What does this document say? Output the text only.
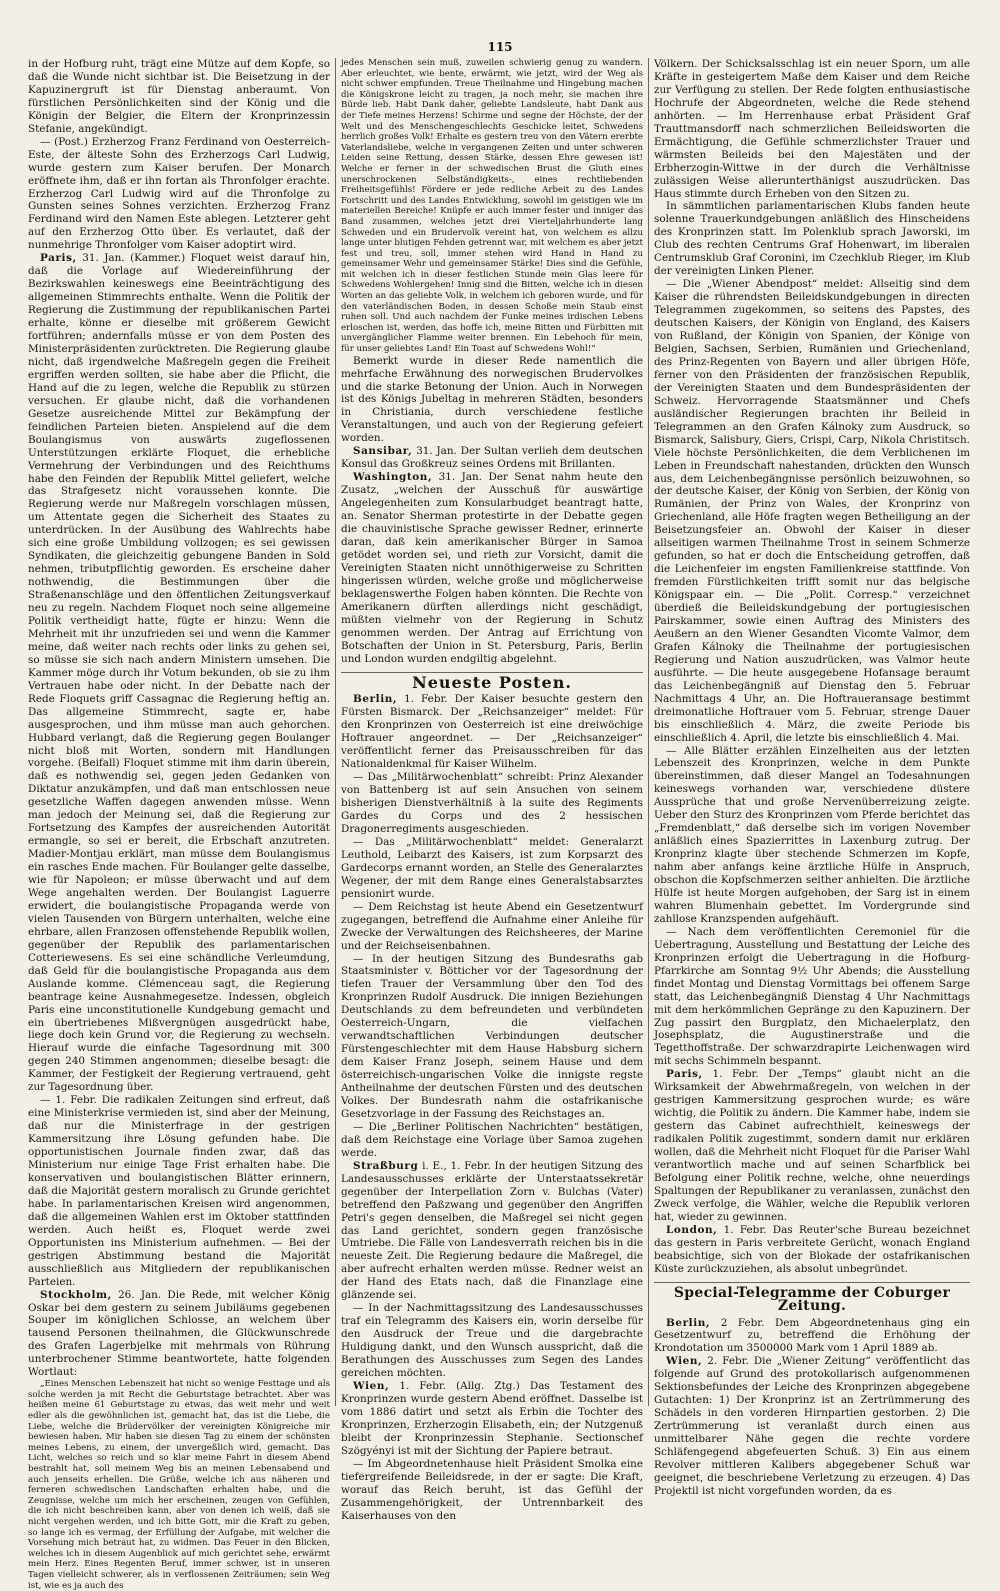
115

in der Hofburg ruht, trägt eine Mütze auf dem Kopfe, so daß die Wunde nicht sichtbar ist. Die Beisetzung in der Kapuzinergruft ist für Dienstag anberaumt. Von fürstlichen Persönlichkeiten sind der König und die Königin der Belgier, die Eltern der Kronprinzessin Stefanie, angekündigt.

— (Post.) Erzherzog Franz Ferdinand von Oesterreich-Este, der älteste Sohn des Erzherzogs Carl Ludwig, wurde gestern zum Kaiser berufen. Der Monarch eröffnete ihm, daß er ihn fortan als Thronfolger erachte. Erzherzog Carl Ludwig wird auf die Thronfolge zu Gunsten seines Sohnes verzichten. Erzherzog Franz Ferdinand wird den Namen Este ablegen. Letzterer geht auf den Erzherzog Otto über. Es verlautet, daß der nunmehrige Thronfolger vom Kaiser adoptirt wird.

Paris, 31. Jan. (Kammer.) Floquet weist darauf hin, daß die Vorlage auf Wiedereinführung der Bezirkswahlen keineswegs eine Beeinträchtigung des allgemeinen Stimmrechts enthalte. Wenn die Politik der Regierung die Zustimmung der republikanischen Partei erhalte, könne er dieselbe mit größerem Gewicht fortführen; andernfalls müsse er von dem Posten des Ministerpräsidenten zurücktreten. Die Regierung glaube nicht, daß irgendwelche Maßregeln gegen die Freiheit ergriffen werden sollten, sie habe aber die Pflicht, die Hand auf die zu legen, welche die Republik zu stürzen versuchen. Er glaube nicht, daß die vorhandenen Gesetze ausreichende Mittel zur Bekämpfung der feindlichen Parteien bieten. Anspielend auf die dem Boulangismus von auswärts zugeflossenen Unterstützungen erklärte Floquet, die erhebliche Vermehrung der Verbindungen und des Reichthums habe den Feinden der Republik Mittel geliefert, welche das Strafgesetz nicht voraussehen konnte. Die Regierung werde nur Maßregeln vorschlagen müssen, um Attentate gegen die Sicherheit des Staates zu unterdrücken. In der Ausübung des Wahlrechts habe sich eine große Umbildung vollzogen; es sei gewissen Syndikaten, die gleichzeitig gebungene Banden in Sold nehmen, tributpflichtig geworden. Es erscheine daher nothwendig, die Bestimmungen über die Straßenanschläge und den öffentlichen Zeitungsverkauf neu zu regeln. Nachdem Floquet noch seine allgemeine Politik vertheidigt hatte, fügte er hinzu: Wenn die Mehrheit mit ihr unzufrieden sei und wenn die Kammer meine, daß weiter nach rechts oder links zu gehen sei, so müsse sie sich nach andern Ministern umsehen. Die Kammer möge durch ihr Votum bekunden, ob sie zu ihm Vertrauen habe oder nicht. In der Debatte nach der Rede Floquets griff Cassagnac die Regierung heftig an. Das allgemeine Stimmrecht, sagte er, habe ausgesprochen, und ihm müsse man auch gehorchen. Hubbard verlangt, daß die Regierung gegen Boulanger nicht bloß mit Worten, sondern mit Handlungen vorgehe. (Beifall) Floquet stimme mit ihm darin überein, daß es nothwendig sei, gegen jeden Gedanken von Diktatur anzukämpfen, und daß man entschlossen neue gesetzliche Waffen dagegen anwenden müsse. Wenn man jedoch der Meinung sei, daß die Regierung zur Fortsetzung des Kampfes der ausreichenden Autorität ermangle, so sei er bereit, die Erbschaft anzutreten. Madier-Montjau erklärt, man müsse dem Boulangismus ein rasches Ende machen. Für Boulanger gelte dasselbe, wie für Napoleon; er müsse überwacht und auf dem Wege angehalten werden. Der Boulangist Laguerre erwidert, die boulangistische Propaganda werde von vielen Tausenden von Bürgern unterhalten, welche eine ehrbare, allen Franzosen offenstehende Republik wollen, gegenüber der Republik des parlamentarischen Cotteriewesens. Es sei eine schändliche Verleumdung, daß Geld für die boulangistische Propaganda aus dem Auslande komme. Clémenceau sagt, die Regierung beantrage keine Ausnahmegesetze. Indessen, obgleich Paris eine unconstitutionelle Kundgebung gemacht und ein übertriebenes Mißvergnügen ausgedrückt habe, liege doch kein Grund vor, die Regierung zu wechseln. Hierauf wurde die einfache Tagesordnung mit 300 gegen 240 Stimmen angenommen; dieselbe besagt: die Kammer, der Festigkeit der Regierung vertrauend, geht zur Tagesordnung über.

— 1. Febr. Die radikalen Zeitungen sind erfreut, daß eine Ministerkrise vermieden ist, sind aber der Meinung, daß nur die Ministerfrage in der gestrigen Kammersitzung ihre Lösung gefunden habe. Die opportunistischen Journale finden zwar, daß das Ministerium nur einige Tage Frist erhalten habe. Die konservativen und boulangistischen Blätter erinnern, daß die Majorität gestern moralisch zu Grunde gerichtet habe. In parlamentarischen Kreisen wird angenommen, daß die allgemeinen Wahlen erst im Oktober stattfinden werden. Auch heißt es, Floquet werde zwei Opportunisten ins Ministerium aufnehmen. — Bei der gestrigen Abstimmung bestand die Majorität ausschließlich aus Mitgliedern der republikanischen Parteien.

Stockholm, 26. Jan. Die Rede, mit welcher König Oskar bei dem gestern zu seinem Jubiläums gegebenen Souper im königlichen Schlosse, an welchem über tausend Personen theilnahmen, die Glückwunschrede des Grafen Lagerbjelke mit mehrmals von Rührung unterbrochener Stimme beantwortete, hatte folgenden Wortlaut:

„Eines Menschen Lebenszeit hat nicht so wenige Festtage und als solche werden ja mit Recht die Geburtstage betrachtet. Aber was heißen meine 61 Geburtstage zu etwas, das weit mehr und weit edler als die gewöhnlichen ist, gemacht hat, das ist die Liebe, die Liebe, welche die Brüdervölker der vereinigten Königreiche mir bewiesen haben. Mir haben sie diesen Tag zu einem der schönsten meines Lebens, zu einem, der unvergeßlich wird, gemacht. Das Licht, welches so reich und so klar meine Fahrt in diesem Abend bestrahlt hat, soll meinem Weg bis an meinen Lebensabend und auch jenseits erhellen. Die Grüße, welche ich aus näheren und ferneren schwedischen Landschaften erhalten habe, und die Zeugnisse, welche um mich her erscheinen, zeugen von Gefühlen, die ich nicht beschreiben kann, aber von denen ich weiß, daß sie nicht vergehen werden, und ich bitte Gott, mir die Kraft zu geben, so lange ich es vermag, der Erfüllung der Aufgabe, mit welcher die Vorsehung mich betraut hat, zu widmen. Das Feuer in den Blicken, welches ich in diesem Augenblick auf mich gerichtet sehe, erwärmt mein Herz. Eines Regenten Beruf, immer schwer, ist in unseren Tagen vielleicht schwerer, als in verflossenen Zeiträumen; sein Weg ist, wie es ja auch des

jedes Menschen sein muß, zuweilen schwierig genug zu wandern. Aber erleuchtet, wie bente, erwärmt, wie jetzt, wird der Weg als nicht schwer empfunden. Treue Theilnahme und Hingebung machen die Königskrone leicht zu tragen, ja noch mehr, sie machen ihre Bürde lieb. Habt Dank daher, geliebte Landsleute, habt Dank aus der Tiefe meines Herzens! Schirme und segne der Höchste, der der Welt und des Menschengeschlechts Geschicke leitet, Schwedens herrlich großes Volk! Erhalte es gestern treu von den Vätern ererbte Vaterlandsliebe, welche in vergangenen Zeiten und unter schweren Leiden seine Rettung, dessen Stärke, dessen Ehre gewesen ist! Welche er ferner in der schwedischen Brust die Gluth eines unerschrockenen Selbständigkeits-, eines rechtliebenden Freiheitsgefühls! Fördere er jede redliche Arbeit zu des Landes Fortschritt und des Landes Entwicklung, sowohl im geistigen wie im materiellen Bereiche! Knüpfe er auch immer fester und inniger das Band zusammen, welches jetzt drei Vierteljahrhunderte lang Schweden und ein Brudervolk vereint hat, von welchem es allzu lange unter blutigen Fehden getrennt war, mit welchem es aber jetzt fest und treu, soll, immer stehen wird Hand in Hand zu gemeinsamer Wehr und gemeinsamer Stärke! Dies sind die Gefühle, mit welchen ich in dieser festlichen Stunde mein Glas leere für Schwedens Wohlergehen! Innig sind die Bitten, welche ich in diesen Worten an das geliebte Volk, in welchem ich geboren wurde, und für den vaterländischen Boden, in dessen Schoße mein Staub einst ruhen soll. Und auch nachdem der Funke meines irdischen Lebens erloschen ist, werden, das hoffe ich, meine Bitten und Fürbitten mit unvergänglicher Flamme weiter brennen. Ein Lebehoch für mein, für unser geliebtes Land! Ein Toast auf Schwedens Wohl!“

Bemerkt wurde in dieser Rede namentlich die mehrfache Erwähnung des norwegischen Brudervolkes und die starke Betonung der Union. Auch in Norwegen ist des Königs Jubeltag in mehreren Städten, besonders in Christiania, durch verschiedene festliche Veranstaltungen, und auch von der Regierung gefeiert worden.

Sansibar, 31. Jan. Der Sultan verlieh dem deutschen Konsul das Großkreuz seines Ordens mit Brillanten.

Washington, 31. Jan. Der Senat nahm heute den Zusatz, „welchen der Ausschuß für auswärtige Angelegenheiten zum Konsularbudget beantragt hatte, an. Senator Sherman protestirte in der Debatte gegen die chauvinistische Sprache gewisser Redner, erinnerte daran, daß kein amerikanischer Bürger in Samoa getödet worden sei, und rieth zur Vorsicht, damit die Vereinigten Staaten nicht unnöthigerweise zu Schritten hingerissen würden, welche große und möglicherweise beklagenswerthe Folgen haben könnten. Die Rechte von Amerikanern dürften allerdings nicht geschädigt, müßten vielmehr von der Regierung in Schutz genommen werden. Der Antrag auf Errichtung von Botschaften der Union in St. Petersburg, Paris, Berlin und London wurden endgiltig abgelehnt.

Neueste Posten.

Berlin, 1. Febr. Der Kaiser besuchte gestern den Fürsten Bismarck. Der „Reichsanzeiger“ meldet: Für den Kronprinzen von Oesterreich ist eine dreiwöchige Hoftrauer angeordnet. — Der „Reichsanzeiger“ veröffentlicht ferner das Preisausschreiben für das Nationaldenkmal für Kaiser Wilhelm.

— Das „Militärwochenblatt“ schreibt: Prinz Alexander von Battenberg ist auf sein Ansuchen von seinem bisherigen Dienstverhältniß à la suite des Regiments Gardes du Corps und des 2 hessischen Dragonerregiments ausgeschieden.

— Das „Militärwochenblatt“ meldet: Generalarzt Leuthold, Leibarzt des Kaisers, ist zum Korpsarzt des Gardecorps ernannt worden, an Stelle des Generalarztes Wegener, der mit dem Range eines Generalstabsarztes pensionirt wurde.

— Dem Reichstag ist heute Abend ein Gesetzentwurf zugegangen, betreffend die Aufnahme einer Anleihe für Zwecke der Verwaltungen des Reichsheeres, der Marine und der Reichseisenbahnen.

— In der heutigen Sitzung des Bundesraths gab Staatsminister v. Bötticher vor der Tagesordnung der tiefen Trauer der Versammlung über den Tod des Kronprinzen Rudolf Ausdruck. Die innigen Beziehungen Deutschlands zu dem befreundeten und verbündeten Oesterreich-Ungarn, die vielfachen verwandtschaftlichen Verbindungen deutscher Fürstengeschlechter mit dem Hause Habsburg sichern dem Kaiser Franz Joseph, seinem Hause und dem österreichisch-ungarischen Volke die innigste regste Antheilnahme der deutschen Fürsten und des deutschen Volkes. Der Bundesrath nahm die ostafrikanische Gesetzvorlage in der Fassung des Reichstages an.

— Die „Berliner Politischen Nachrichten“ bestätigen, daß dem Reichstage eine Vorlage über Samoa zugehen werde.

Straßburg i. E., 1. Febr. In der heutigen Sitzung des Landesausschusses erklärte der Unterstaatssekretär gegenüber der Interpellation Zorn v. Bulchas (Vater) betreffend den Paßzwang und gegenüber den Angriffen Petri's gegen denselben, die Maßregel sei nicht gegen das Land gerichtet, sondern gegen französische Umtriebe. Die Fälle von Landesverrath reichen bis in die neueste Zeit. Die Regierung bedaure die Maßregel, die aber aufrecht erhalten werden müsse. Redner weist an der Hand des Etats nach, daß die Finanzlage eine glänzende sei.

— In der Nachmittagssitzung des Landesausschusses traf ein Telegramm des Kaisers ein, worin derselbe für den Ausdruck der Treue und die dargebrachte Huldigung dankt, und den Wunsch ausspricht, daß die Berathungen des Ausschusses zum Segen des Landes gereichen möchten.

Wien, 1. Febr. (Allg. Ztg.) Das Testament des Kronprinzen wurde gestern Abend eröffnet. Dasselbe ist vom 1886 datirt und setzt als Erbin die Tochter des Kronprinzen, Erzherzogin Elisabeth, ein; der Nutzgenuß bleibt der Kronprinzessin Stephanie. Sectionschef Szögyényi ist mit der Sichtung der Papiere betraut.

— Im Abgeordnetenhause hielt Präsident Smolka eine tiefergreifende Beileidsrede, in der er sagte: Die Kraft, worauf das Reich beruht, ist das Gefühl der Zusammengehörigkeit, der Untrennbarkeit des Kaiserhauses von den

Völkern. Der Schicksalsschlag ist ein neuer Sporn, um alle Kräfte in gesteigertem Maße dem Kaiser und dem Reiche zur Verfügung zu stellen. Der Rede folgten enthusiastische Hochrufe der Abgeordneten, welche die Rede stehend anhörten. — Im Herrenhause erbat Präsident Graf Trauttmansdorff nach schmerzlichen Beileidsworten die Ermächtigung, die Gefühle schmerzlichster Trauer und wärmsten Beileids bei den Majestäten und der Erbherzogin-Wittwe in der durch die Verhältnisse zulässigen Weise allerunterthänigst auszudrücken. Das Haus stimmte durch Erheben von den Sitzen zu.

In sämmtlichen parlamentarischen Klubs fanden heute solenne Trauerkundgebungen anläßlich des Hinscheidens des Kronprinzen statt. Im Polenklub sprach Jaworski, im Club des rechten Centrums Graf Hohenwart, im liberalen Centrumsklub Graf Coronini, im Czechklub Rieger, im Klub der vereinigten Linken Plener.

— Die „Wiener Abendpost“ meldet: Allseitig sind dem Kaiser die rührendsten Beileidskundgebungen in directen Telegrammen zugekommen, so seitens des Papstes, des deutschen Kaisers, der Königin von England, des Kaisers von Rußland, der Königin von Spanien, der Könige von Belgien, Sachsen, Serbien, Rumänien und Griechenland, des Prinz-Regenten von Bayern und aller übrigen Höfe, ferner von den Präsidenten der französischen Republik, der Vereinigten Staaten und dem Bundespräsidenten der Schweiz. Hervorragende Staatsmänner und Chefs ausländischer Regierungen brachten ihr Beileid in Telegrammen an den Grafen Kálnoky zum Ausdruck, so Bismarck, Salisbury, Giers, Crispi, Carp, Nikola Christitsch. Viele höchste Persönlichkeiten, die dem Verblichenen im Leben in Freundschaft nahestanden, drückten den Wunsch aus, dem Leichenbegängnisse persönlich beizuwohnen, so der deutsche Kaiser, der König von Serbien, der König von Rumänien, der Prinz von Wales, der Kronprinz von Griechenland, alle Höfe fragten wegen Betheiligung an der Beisetzungsfeier an. Obwohl der Kaiser in dieser allseitigen warmen Theilnahme Trost in seinem Schmerze gefunden, so hat er doch die Entscheidung getroffen, daß die Leichenfeier im engsten Familienkreise stattfinde. Von fremden Fürstlichkeiten trifft somit nur das belgische Königspaar ein. — Die „Polit. Corresp.“ verzeichnet überdieß die Beileidskundgebung der portugiesischen Pairskammer, sowie einen Auftrag des Ministers des Aeußern an den Wiener Gesandten Vicomte Valmor, dem Grafen Kálnoky die Theilnahme der portugiesischen Regierung und Nation auszudrücken, was Valmor heute ausführte. — Die heute ausgegebene Hofansage beraumt das Leichenbegängniß auf Dienstag den 5. Februar Nachmittags 4 Uhr, an. Die Hoftraueransage bestimmt dreimonatliche Hoftrauer vom 5. Februar, strenge Dauer bis einschließlich 4. März, die zweite Periode bis einschließlich 4. April, die letzte bis einschließlich 4. Mai.

— Alle Blätter erzählen Einzelheiten aus der letzten Lebenszeit des Kronprinzen, welche in dem Punkte übereinstimmen, daß dieser Mangel an Todesahnungen keineswegs vorhanden war, verschiedene düstere Aussprüche that und große Nervenüberreizung zeigte. Ueber den Sturz des Kronprinzen vom Pferde berichtet das „Fremdenblatt,“ daß derselbe sich im vorigen November anläßlich eines Spazierrittes in Laxenburg zutrug. Der Kronprinz klagte über stechende Schmerzen im Kopfe, nahm aber anfangs keine ärztliche Hülfe in Anspruch, obschon die Kopfschmerzen seither anhielten. Die ärztliche Hülfe ist heute Morgen aufgehoben, der Sarg ist in einem wahren Blumenhain gebettet. Im Vordergrunde sind zahllose Kranzspenden aufgehäuft.

— Nach dem veröffentlichten Ceremoniel für die Uebertragung, Ausstellung und Bestattung der Leiche des Kronprinzen erfolgt die Uebertragung in die Hofburg-Pfarrkirche am Sonntag 9½ Uhr Abends; die Ausstellung findet Montag und Dienstag Vormittags bei offenem Sarge statt, das Leichenbegängniß Dienstag 4 Uhr Nachmittags mit dem herkömmlichen Gepränge zu den Kapuzinern. Der Zug passirt den Burgplatz, den Michaelerplatz, den Josephsplatz, die Augustinerstraße und die Tegetthoffstraße. Der schwarzdrapirte Leichenwagen wird mit sechs Schimmeln bespannt.

Paris, 1. Febr. Der „Temps“ glaubt nicht an die Wirksamkeit der Abwehrmaßregeln, von welchen in der gestrigen Kammersitzung gesprochen wurde; es wäre wichtig, die Politik zu ändern. Die Kammer habe, indem sie gestern das Cabinet aufrechthielt, keineswegs der radikalen Politik zugestimmt, sondern damit nur erklären wollen, daß die Mehrheit nicht Floquet für die Pariser Wahl verantwortlich mache und auf seinen Scharfblick bei Befolgung einer Politik rechne, welche, ohne neuerdings Spaltungen der Republikaner zu veranlassen, zunächst den Zweck verfolge, die Wähler, welche die Republik verloren hat, wieder zu gewinnen.

London, 1. Febr. Das Reuter'sche Bureau bezeichnet das gestern in Paris verbreitete Gerücht, wonach England beabsichtige, sich von der Blokade der ostafrikanischen Küste zurückzuziehen, als absolut unbegründet.

Special-Telegramme der Coburger Zeitung.

Berlin, 2 Febr. Dem Abgeordnetenhaus ging ein Gesetzentwurf zu, betreffend die Erhöhung der Krondotation um 3500000 Mark vom 1 April 1889 ab.

Wien, 2. Febr. Die „Wiener Zeitung“ veröffentlicht das folgende auf Grund des protokollarisch aufgenommenen Sektionsbefundes der Leiche des Kronprinzen abgegebene Gutachten: 1) Der Kronprinz ist an Zertrümmerung des Schädels in den vorderen Hirnpartien gestorben. 2) Die Zertrümmerung ist veranlaßt durch einen aus unmittelbarer Nähe gegen die rechte vordere Schläfengegend abgefeuerten Schuß. 3) Ein aus einem Revolver mittleren Kalibers abgegebener Schuß war geeignet, die beschriebene Verletzung zu erzeugen. 4) Das Projektil ist nicht vorgefunden worden, da es
